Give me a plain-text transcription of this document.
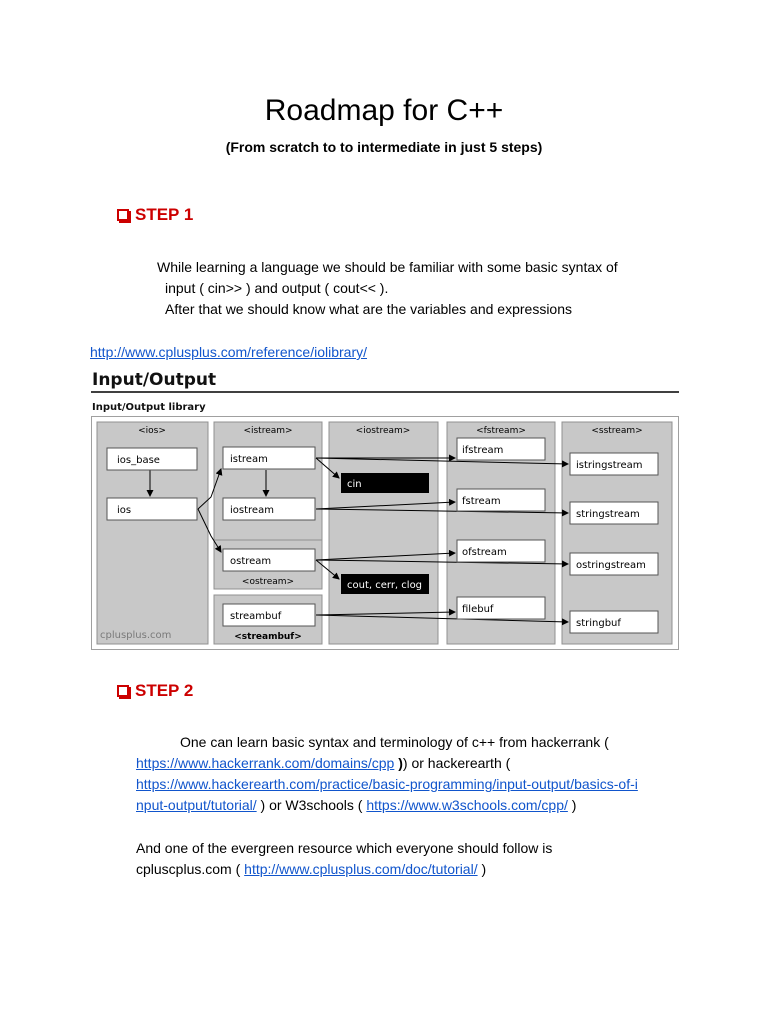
Roadmap for C++
(From scratch to to intermediate in just 5 steps)
STEP 1
While learning a language we should be familiar with some basic syntax of
input ( cin>> ) and output ( cout<< ).
After that we should know what are the variables and expressions
http://www.cplusplus.com/reference/iolibrary/
Input/Output
Input/Output library
<ios>	<istream>	<iostream>	<fstream>	<sstream>
<ostream>
<streambuf>
cplusplus.com
ios_base
ios
istream
iostream
ostream
streambuf
ifstream
fstream
ofstream
filebuf
istringstream
stringstream
ostringstream
stringbuf
cin
cout, cerr, clog
STEP 2
One can learn basic syntax and terminology of c++ from hackerrank (
https://www.hackerrank.com/domains/cpp )) or hackerearth (
https://www.hackerearth.com/practice/basic-programming/input-output/basics-of-i
nput-output/tutorial/ ) or W3schools ( https://www.w3schools.com/cpp/ )
And one of the evergreen resource which everyone should follow is
cpluscplus.com ( http://www.cplusplus.com/doc/tutorial/ )
